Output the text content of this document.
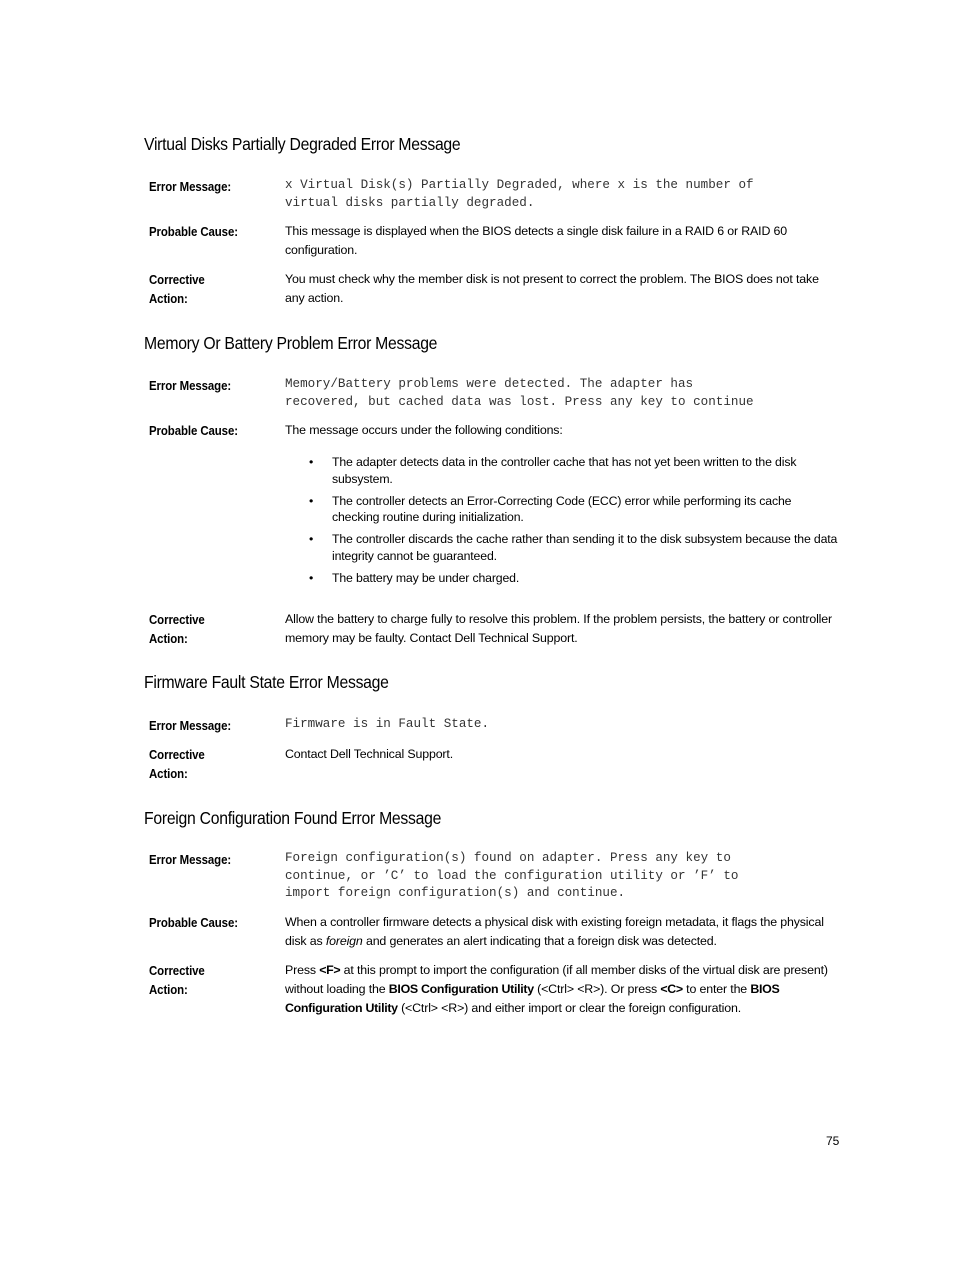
Virtual Disks Partially Degraded Error Message
Error Message:	x Virtual Disk(s) Partially Degraded, where x is the number of
virtual disks partially degraded.
Probable Cause:	This message is displayed when the BIOS detects a single disk failure in a RAID 6 or RAID 60 configuration.
Corrective
Action:
You must check why the member disk is not present to correct the problem. The BIOS does not take any action.
Memory Or Battery Problem Error Message
Error Message:	Memory/Battery problems were detected. The adapter has
recovered, but cached data was lost. Press any key to continue
Probable Cause:	The message occurs under the following conditions:
• The adapter detects data in the controller cache that has not yet been written to the disk subsystem.
• The controller detects an Error-Correcting Code (ECC) error while performing its cache checking routine during initialization.
• The controller discards the cache rather than sending it to the disk subsystem because the data integrity cannot be guaranteed.
• The battery may be under charged.
Corrective
Action:
Allow the battery to charge fully to resolve this problem. If the problem persists, the battery or controller memory may be faulty. Contact Dell Technical Support.
Firmware Fault State Error Message
Error Message:	Firmware is in Fault State.
Corrective
Action:
Contact Dell Technical Support.
Foreign Configuration Found Error Message
Error Message:	Foreign configuration(s) found on adapter. Press any key to
continue, or ’C’ to load the configuration utility or ’F’ to
import foreign configuration(s) and continue.
Probable Cause:	When a controller firmware detects a physical disk with existing foreign metadata, it flags the physical disk as foreign and generates an alert indicating that a foreign disk was detected.
Corrective
Action:
Press <F> at this prompt to import the configuration (if all member disks of the virtual disk are present) without loading the BIOS Configuration Utility (<Ctrl> <R>). Or press <C> to enter the BIOS Configuration Utility (<Ctrl> <R>) and either import or clear the foreign configuration.
75
